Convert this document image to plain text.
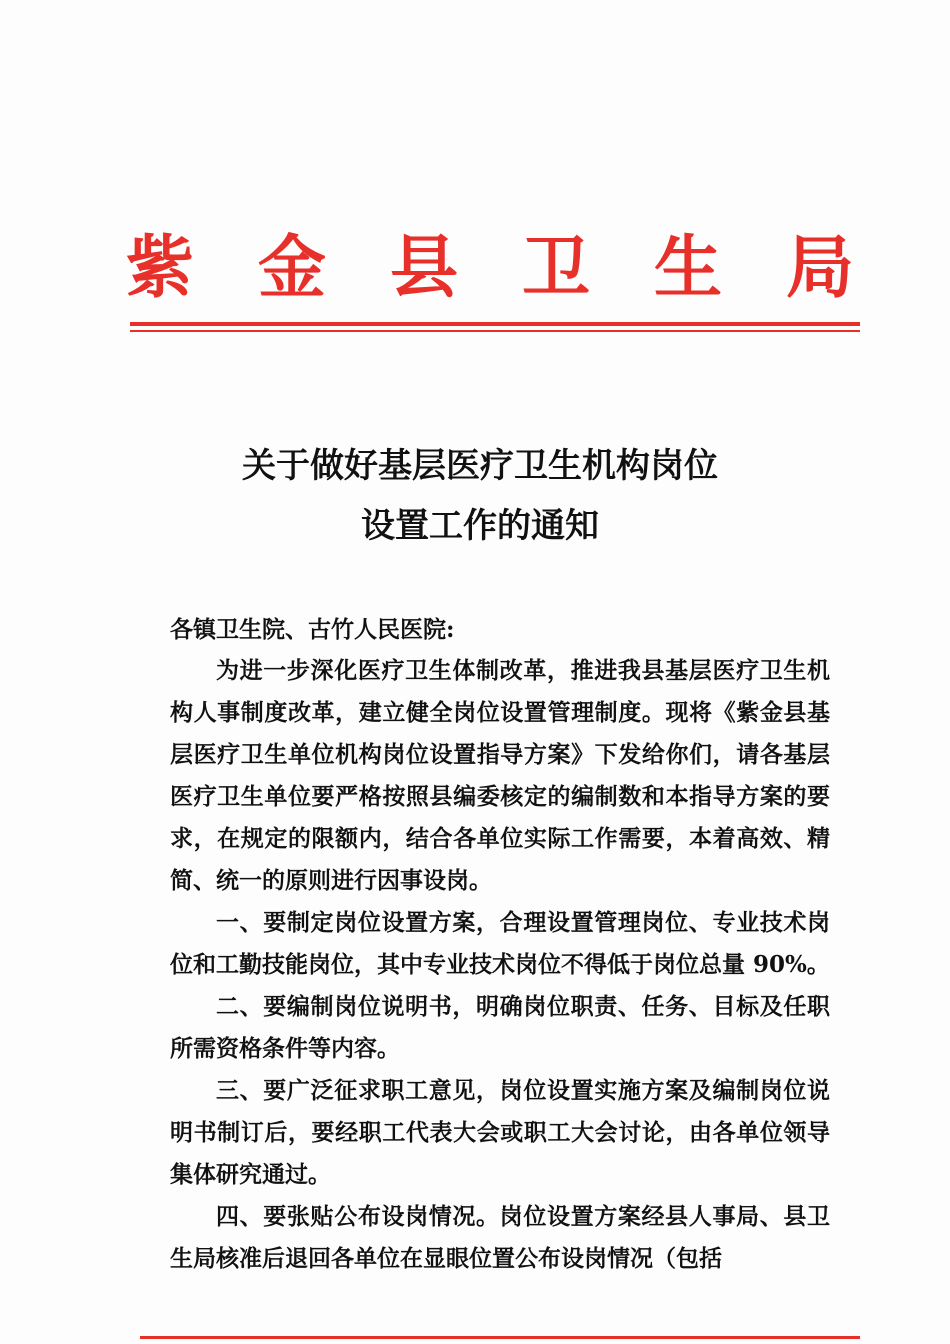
紫 金 县 卫 生 局
关于做好基层医疗卫生机构岗位
设置工作的通知
各镇卫生院、古竹人民医院:

为进一步深化医疗卫生体制改革，推进我县基层医疗卫生机构人事制度改革，建立健全岗位设置管理制度。现将《紫金县基层医疗卫生单位机构岗位设置指导方案》下发给你们，请各基层医疗卫生单位要严格按照县编委核定的编制数和本指导方案的要求，在规定的限额内，结合各单位实际工作需要，本着高效、精简、统一的原则进行因事设岗。

一、要制定岗位设置方案，合理设置管理岗位、专业技术岗位和工勤技能岗位，其中专业技术岗位不得低于岗位总量 90%。

二、要编制岗位说明书，明确岗位职责、任务、目标及任职所需资格条件等内容。

三、要广泛征求职工意见，岗位设置实施方案及编制岗位说明书制订后，要经职工代表大会或职工大会讨论，由各单位领导集体研究通过。

四、要张贴公布设岗情况。岗位设置方案经县人事局、县卫生局核准后退回各单位在显眼位置公布设岗情况（包括
